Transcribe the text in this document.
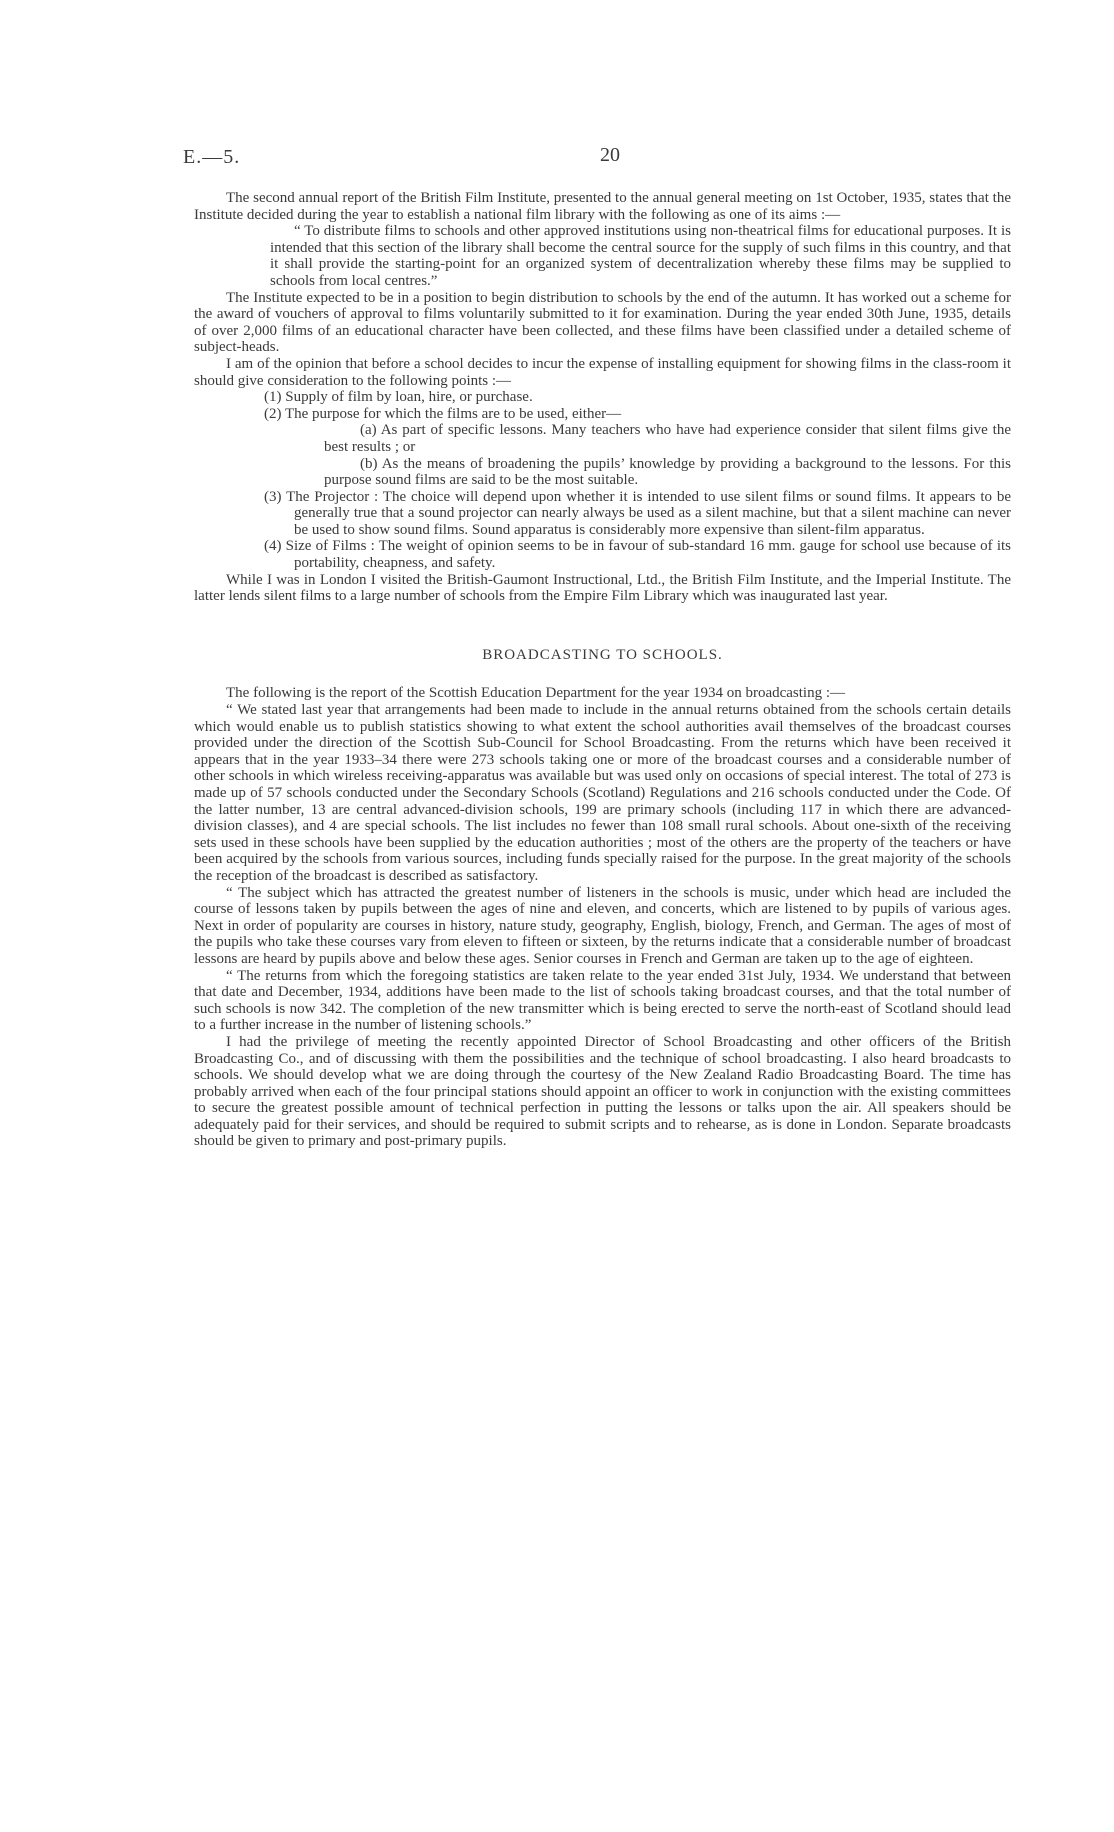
E.—5.	20

The second annual report of the British Film Institute, presented to the annual general meeting on 1st October, 1935, states that the Institute decided during the year to establish a national film library with the following as one of its aims :—

“ To distribute films to schools and other approved institutions using non-theatrical films for educational purposes. It is intended that this section of the library shall become the central source for the supply of such films in this country, and that it shall provide the starting-point for an organized system of decentralization whereby these films may be supplied to schools from local centres.”

The Institute expected to be in a position to begin distribution to schools by the end of the autumn. It has worked out a scheme for the award of vouchers of approval to films voluntarily submitted to it for examination. During the year ended 30th June, 1935, details of over 2,000 films of an educational character have been collected, and these films have been classified under a detailed scheme of subject-heads.

I am of the opinion that before a school decides to incur the expense of installing equipment for showing films in the class-room it should give consideration to the following points :—

(1) Supply of film by loan, hire, or purchase.

(2) The purpose for which the films are to be used, either—

(a) As part of specific lessons. Many teachers who have had experience consider that silent films give the best results ; or

(b) As the means of broadening the pupils’ knowledge by providing a background to the lessons. For this purpose sound films are said to be the most suitable.

(3) The Projector : The choice will depend upon whether it is intended to use silent films or sound films. It appears to be generally true that a sound projector can nearly always be used as a silent machine, but that a silent machine can never be used to show sound films. Sound apparatus is considerably more expensive than silent-film apparatus.

(4) Size of Films : The weight of opinion seems to be in favour of sub-standard 16 mm. gauge for school use because of its portability, cheapness, and safety.

While I was in London I visited the British-Gaumont Instructional, Ltd., the British Film Institute, and the Imperial Institute. The latter lends silent films to a large number of schools from the Empire Film Library which was inaugurated last year.

BROADCASTING TO SCHOOLS.

The following is the report of the Scottish Education Department for the year 1934 on broadcasting :—

“ We stated last year that arrangements had been made to include in the annual returns obtained from the schools certain details which would enable us to publish statistics showing to what extent the school authorities avail themselves of the broadcast courses provided under the direction of the Scottish Sub-Council for School Broadcasting. From the returns which have been received it appears that in the year 1933–34 there were 273 schools taking one or more of the broadcast courses and a considerable number of other schools in which wireless receiving-apparatus was available but was used only on occasions of special interest. The total of 273 is made up of 57 schools conducted under the Secondary Schools (Scotland) Regulations and 216 schools conducted under the Code. Of the latter number, 13 are central advanced-division schools, 199 are primary schools (including 117 in which there are advanced-division classes), and 4 are special schools. The list includes no fewer than 108 small rural schools. About one-sixth of the receiving sets used in these schools have been supplied by the education authorities ; most of the others are the property of the teachers or have been acquired by the schools from various sources, including funds specially raised for the purpose. In the great majority of the schools the reception of the broadcast is described as satisfactory.

“ The subject which has attracted the greatest number of listeners in the schools is music, under which head are included the course of lessons taken by pupils between the ages of nine and eleven, and concerts, which are listened to by pupils of various ages. Next in order of popularity are courses in history, nature study, geography, English, biology, French, and German. The ages of most of the pupils who take these courses vary from eleven to fifteen or sixteen, by the returns indicate that a considerable number of broadcast lessons are heard by pupils above and below these ages. Senior courses in French and German are taken up to the age of eighteen.

“ The returns from which the foregoing statistics are taken relate to the year ended 31st July, 1934. We understand that between that date and December, 1934, additions have been made to the list of schools taking broadcast courses, and that the total number of such schools is now 342. The completion of the new transmitter which is being erected to serve the north-east of Scotland should lead to a further increase in the number of listening schools.”

I had the privilege of meeting the recently appointed Director of School Broadcasting and other officers of the British Broadcasting Co., and of discussing with them the possibilities and the technique of school broadcasting. I also heard broadcasts to schools. We should develop what we are doing through the courtesy of the New Zealand Radio Broadcasting Board. The time has probably arrived when each of the four principal stations should appoint an officer to work in conjunction with the existing committees to secure the greatest possible amount of technical perfection in putting the lessons or talks upon the air. All speakers should be adequately paid for their services, and should be required to submit scripts and to rehearse, as is done in London. Separate broadcasts should be given to primary and post-primary pupils.
